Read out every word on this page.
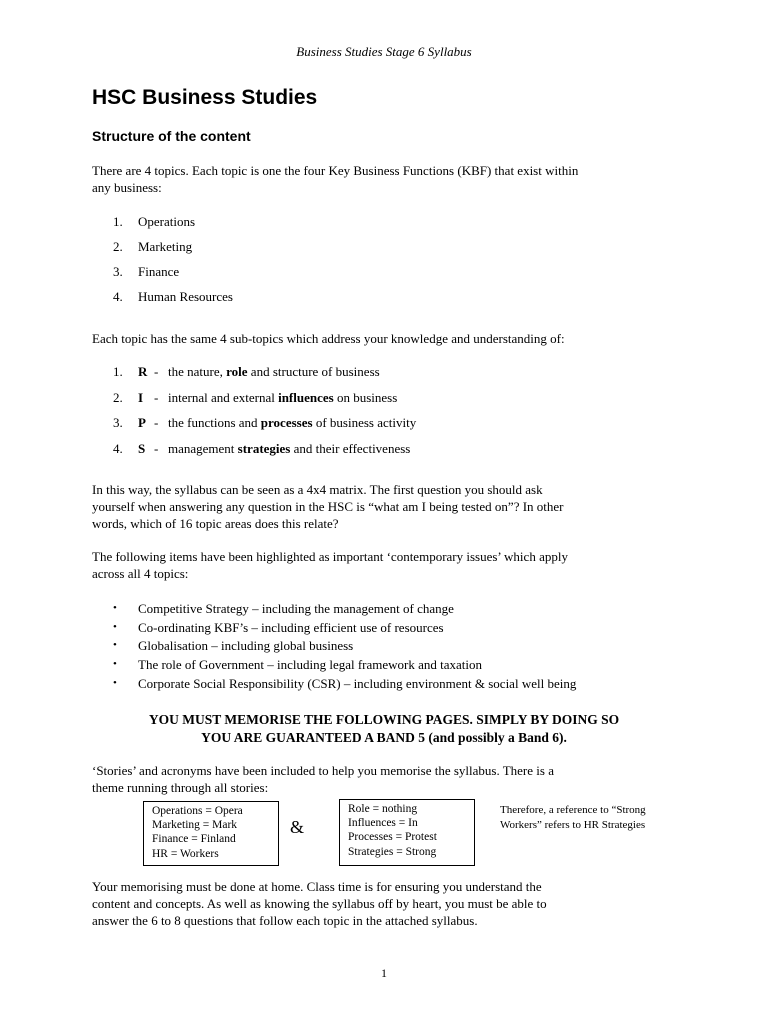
Business Studies Stage 6 Syllabus
HSC Business Studies
Structure of the content
There are 4 topics. Each topic is one the four Key Business Functions (KBF) that exist within
any business:
1.	Operations
2.	Marketing
3.	Finance
4.	Human Resources
Each topic has the same 4 sub-topics which address your knowledge and understanding of:
1.	R - the nature, role and structure of business
2.	I - internal and external influences on business
3.	P - the functions and processes of business activity
4.	S - management strategies and their effectiveness
In this way, the syllabus can be seen as a 4x4 matrix. The first question you should ask
yourself when answering any question in the HSC is “what am I being tested on”? In other
words, which of 16 topic areas does this relate?
The following items have been highlighted as important ‘contemporary issues’ which apply
across all 4 topics:
•	Competitive Strategy – including the management of change
•	Co-ordinating KBF’s – including efficient use of resources
•	Globalisation – including global business
•	The role of Government – including legal framework and taxation
•	Corporate Social Responsibility (CSR) – including environment & social well being
YOU MUST MEMORISE THE FOLLOWING PAGES. SIMPLY BY DOING SO
YOU ARE GUARANTEED A BAND 5 (and possibly a Band 6).
‘Stories’ and acronyms have been included to help you memorise the syllabus. There is a
theme running through all stories:
Operations = Opera
Marketing = Mark
Finance = Finland
HR = Workers
&
Role = nothing
Influences = In
Processes = Protest
Strategies = Strong
Therefore, a reference to “Strong
Workers” refers to HR Strategies
Your memorising must be done at home. Class time is for ensuring you understand the
content and concepts. As well as knowing the syllabus off by heart, you must be able to
answer the 6 to 8 questions that follow each topic in the attached syllabus.
1
